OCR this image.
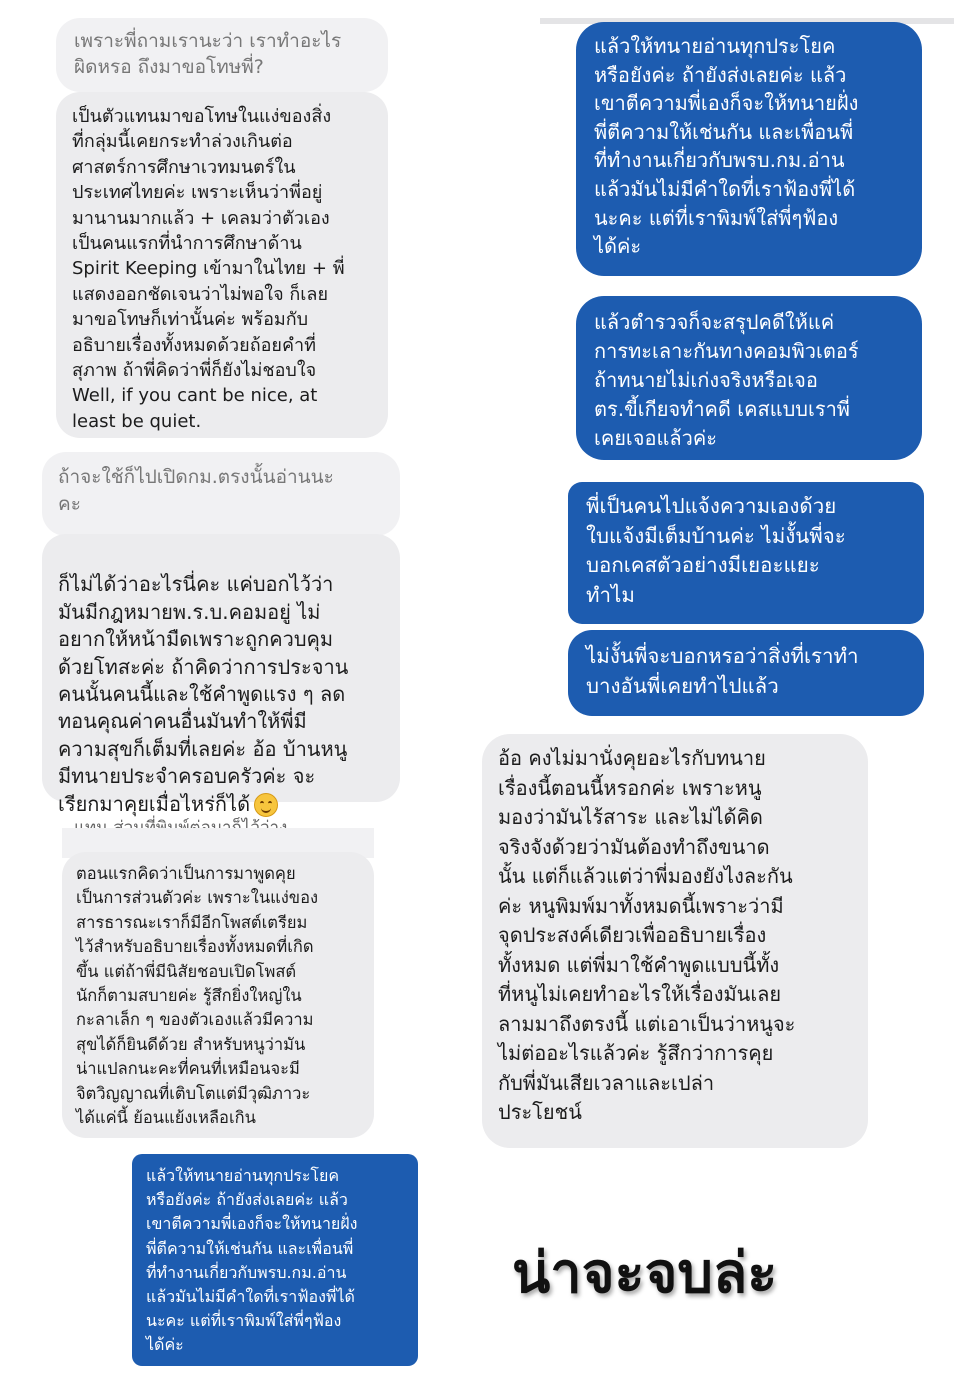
เพราะพี่ถามเรานะว่า เราทำอะไร
ผิดหรอ ถึงมาขอโทษพี่?
เป็นตัวแทนมาขอโทษในแง่ของสิ่ง
ที่กลุ่มนี้เคยกระทำล่วงเกินต่อ
ศาสตร์การศึกษาเวทมนตร์ใน
ประเทศไทยค่ะ เพราะเห็นว่าพี่อยู่
มานานมากแล้ว + เคลมว่าตัวเอง
เป็นคนแรกที่นำการศึกษาด้าน
Spirit Keeping เข้ามาในไทย + พี่
แสดงออกชัดเจนว่าไม่พอใจ ก็เลย
มาขอโทษก็เท่านั้นค่ะ พร้อมกับ
อธิบายเรื่องทั้งหมดด้วยถ้อยคำที่
สุภาพ ถ้าพี่คิดว่าพี่ก็ยังไม่ชอบใจ
Well, if you cant be nice, at
least be quiet.
ถ้าจะใช้ก็ไปเปิดกม.ตรงนั้นอ่านนะ
คะ

ก็ไม่ได้ว่าอะไรนี่คะ แค่บอกไว้ว่า
มันมีกฎหมายพ.ร.บ.คอมอยู่ ไม่
อยากให้หน้ามืดเพราะถูกควบคุม
ด้วยโทสะค่ะ ถ้าคิดว่าการประจาน
คนนั้นคนนี้และใช้คำพูดแรง ๆ ลด
ทอนคุณค่าคนอื่นมันทำให้พี่มี
ความสุขก็เต็มที่เลยค่ะ อ้อ บ้านหนู
มีทนายประจำครอบครัวค่ะ จะ
เรียกมาคุยเมื่อไหร่ก็ได้

ตอนแรกคิดว่าเป็นการมาพูดคุย
เป็นการส่วนตัวค่ะ เพราะในแง่ของ
สารธารณะเราก็มีอีกโพสต์เตรียม
ไว้สำหรับอธิบายเรื่องทั้งหมดที่เกิด
ขึ้น แต่ถ้าพี่มีนิสัยชอบเปิดโพสต์
นักก็ตามสบายค่ะ รู้สึกยิ่งใหญ่ใน
กะลาเล็ก ๆ ของตัวเองแล้วมีความ
สุขได้ก็ยินดีด้วย สำหรับหนูว่ามัน
น่าแปลกนะคะที่คนที่เหมือนจะมี
จิตวิญญาณที่เติบโตแต่มีวุฒิภาวะ
ได้แค่นี้ ย้อนแย้งเหลือเกิน
แล้วให้ทนายอ่านทุกประโยค
หรือยังค่ะ ถ้ายังส่งเลยค่ะ แล้ว
เขาตีความพี่เองก็จะให้ทนายฝั่ง
พี่ตีความให้เช่นกัน และเพื่อนพี่
ที่ทำงานเกี่ยวกับพรบ.กม.อ่าน
แล้วมันไม่มีคำใดที่เราฟ้องพี่ได้
นะคะ แต่ที่เราพิมพ์ใส่พี่ๆฟ้อง
ได้ค่ะ
แล้วให้ทนายอ่านทุกประโยค
หรือยังค่ะ ถ้ายังส่งเลยค่ะ แล้ว
เขาตีความพี่เองก็จะให้ทนายฝั่ง
พี่ตีความให้เช่นกัน และเพื่อนพี่
ที่ทำงานเกี่ยวกับพรบ.กม.อ่าน
แล้วมันไม่มีคำใดที่เราฟ้องพี่ได้
นะคะ แต่ที่เราพิมพ์ใส่พี่ๆฟ้อง
ได้ค่ะ
แล้วตำรวจก็จะสรุปคดีให้แค่
การทะเลาะกันทางคอมพิวเตอร์
ถ้าทนายไม่เก่งจริงหรือเจอ
ตร.ขี้เกียจทำคดี เคสแบบเราพี่
เคยเจอแล้วค่ะ
พี่เป็นคนไปแจ้งความเองด้วย
ใบแจ้งมีเต็มบ้านค่ะ ไม่งั้นพี่จะ
บอกเคสตัวอย่างมีเยอะแยะ
ทำไม
ไม่งั้นพี่จะบอกหรอว่าสิ่งที่เราทำ
บางอันพี่เคยทำไปแล้ว
อ้อ คงไม่มานั่งคุยอะไรกับทนาย
เรื่องนี้ตอนนี้หรอกค่ะ เพราะหนู
มองว่ามันไร้สาระ และไม่ได้คิด
จริงจังด้วยว่ามันต้องทำถึงขนาด
นั้น แต่ก็แล้วแต่ว่าพี่มองยังไงละกัน
ค่ะ หนูพิมพ์มาทั้งหมดนี้เพราะว่ามี
จุดประสงค์เดียวเพื่ออธิบายเรื่อง
ทั้งหมด แต่พี่มาใช้คำพูดแบบนี้ทั้ง
ที่หนูไม่เคยทำอะไรให้เรื่องมันเลย
ลามมาถึงตรงนี้ แต่เอาเป็นว่าหนูจะ
ไม่ต่ออะไรแล้วค่ะ รู้สึกว่าการคุย
กับพี่มันเสียเวลาและเปล่า
ประโยชน์
น่าจะจบล่ะ
